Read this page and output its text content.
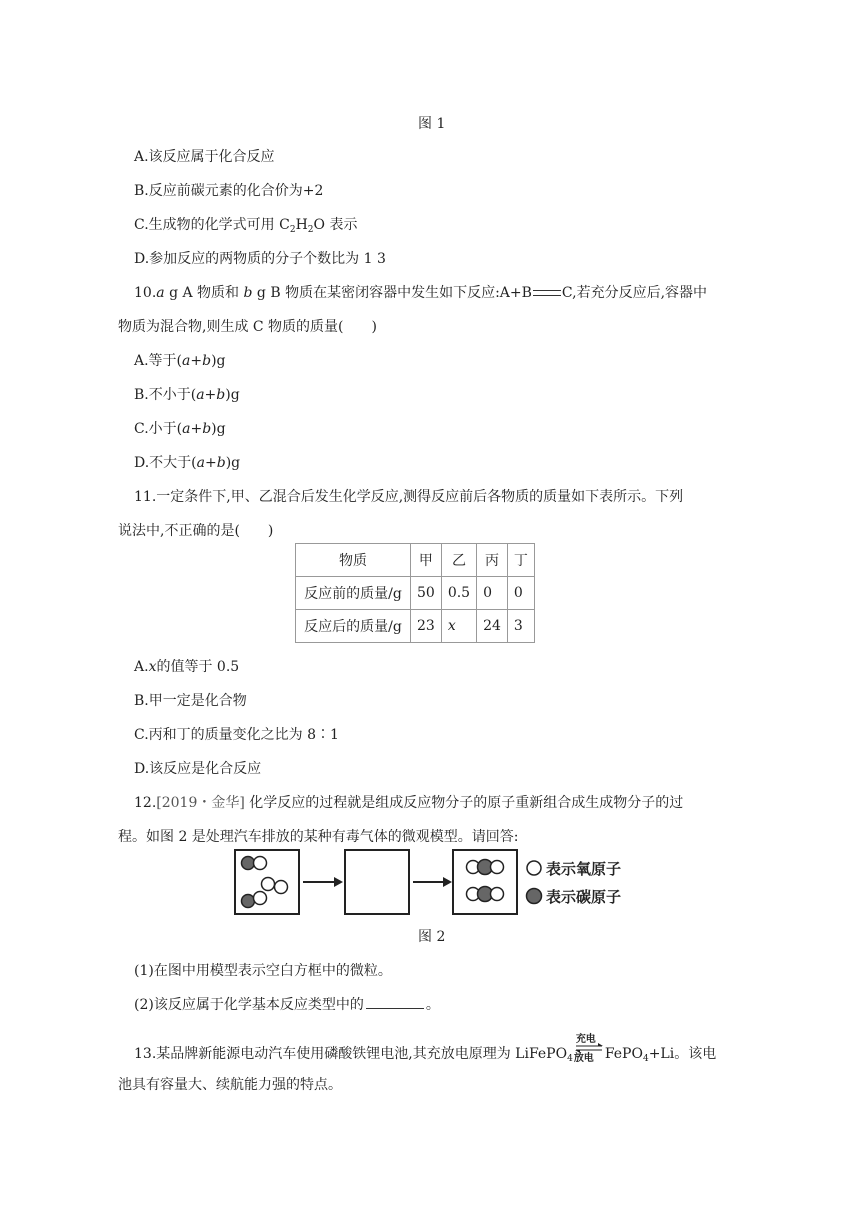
图 1
A.该反应属于化合反应
B.反应前碳元素的化合价为+2
C.生成物的化学式可用 $C_2H_2O$ 表示
D.参加反应的两物质的分子个数比为 1 3
10.a g A 物质和 b g B 物质在某密闭容器中发生如下反应:A+B C,若充分反应后,容器中
物质为混合物,则生成 C 物质的质量(　　)
A.等于(a+b)g
B.不小于(a+b)g
C.小于(a+b)g
D.不大于(a+b)g
11.一定条件下,甲、乙混合后发生化学反应,测得反应前后各物质的质量如下表所示。下列
说法中,不正确的是(　　)
物质	甲	乙	丙	丁
反应前的质量/g	50	0.5	0	0
反应后的质量/g	23	x	24	3
A.x的值等于 0.5
B.甲一定是化合物
C.丙和丁的质量变化之比为 8∶1
D.该反应是化合反应
12.[2019・金华] 化学反应的过程就是组成反应物分子的原子重新组合成生成物分子的过
程。如图 2 是处理汽车排放的某种有毒气体的微观模型。请回答:
表示氧原子
表示碳原子
图 2
(1)在图中用模型表示空白方框中的微粒。
(2)该反应属于化学基本反应类型中的	。
13.某品牌新能源电动汽车使用磷酸铁锂电池,其充放电原理为 LiFePO$_4$
充电
放电 FePO$_4$+Li。该电
池具有容量大、续航能力强的特点。
